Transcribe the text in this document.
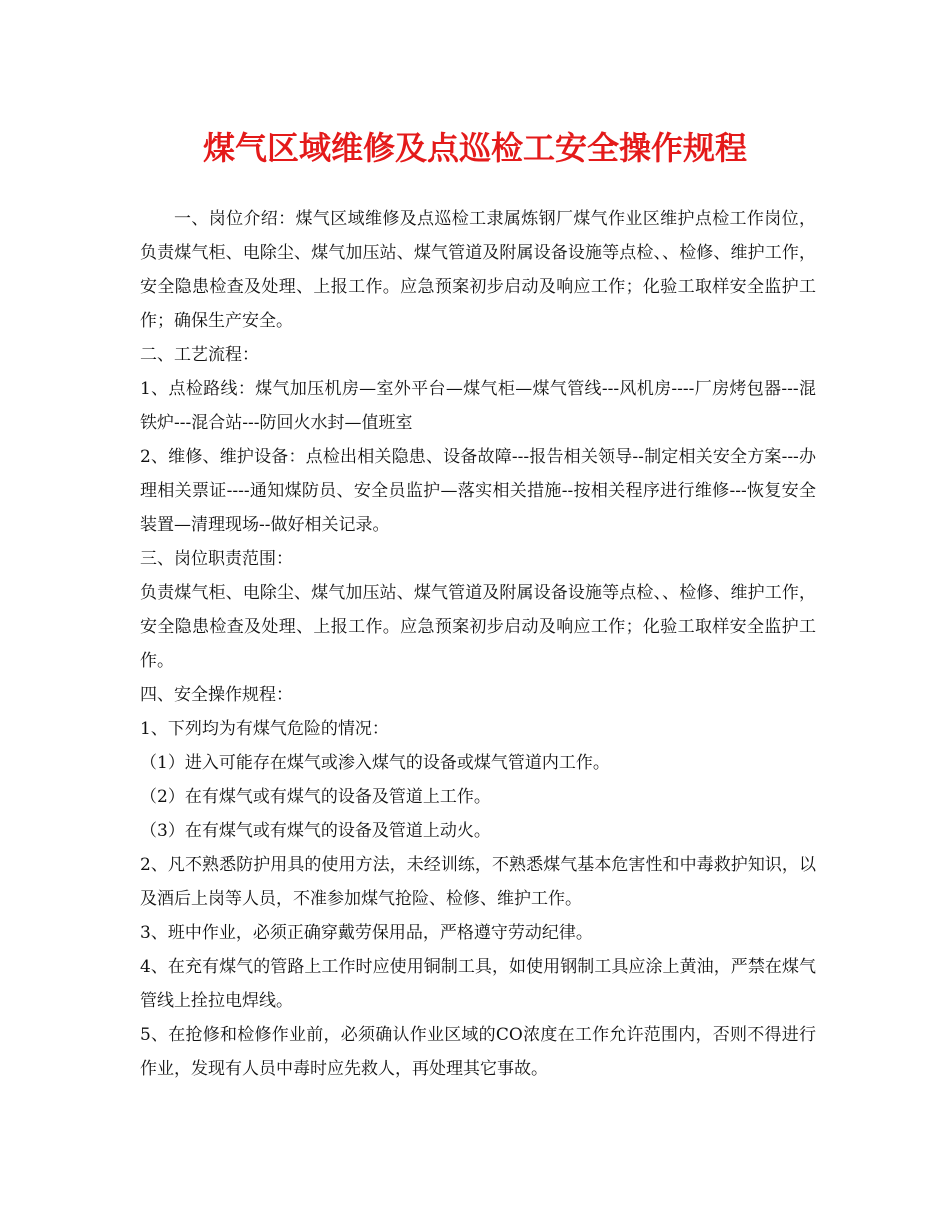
煤气区域维修及点巡检工安全操作规程

一、岗位介绍：煤气区域维修及点巡检工隶属炼钢厂煤气作业区维护点检工作岗位，负责煤气柜、电除尘、煤气加压站、煤气管道及附属设备设施等点检、、检修、维护工作，安全隐患检查及处理、上报工作。应急预案初步启动及响应工作；化验工取样安全监护工作；确保生产安全。

二、工艺流程：

1、点检路线：煤气加压机房—室外平台—煤气柜—煤气管线---风机房----厂房烤包器---混铁炉---混合站---防回火水封—值班室

2、维修、维护设备：点检出相关隐患、设备故障---报告相关领导--制定相关安全方案---办理相关票证----通知煤防员、安全员监护—落实相关措施--按相关程序进行维修---恢复安全装置—清理现场--做好相关记录。

三、岗位职责范围：

负责煤气柜、电除尘、煤气加压站、煤气管道及附属设备设施等点检、、检修、维护工作，安全隐患检查及处理、上报工作。应急预案初步启动及响应工作；化验工取样安全监护工作。

四、安全操作规程：

1、下列均为有煤气危险的情况：

（1）进入可能存在煤气或渗入煤气的设备或煤气管道内工作。

（2）在有煤气或有煤气的设备及管道上工作。

（3）在有煤气或有煤气的设备及管道上动火。

2、凡不熟悉防护用具的使用方法，未经训练，不熟悉煤气基本危害性和中毒救护知识，以及酒后上岗等人员，不准参加煤气抢险、检修、维护工作。

3、班中作业，必须正确穿戴劳保用品，严格遵守劳动纪律。

4、在充有煤气的管路上工作时应使用铜制工具，如使用钢制工具应涂上黄油，严禁在煤气管线上拴拉电焊线。

5、在抢修和检修作业前，必须确认作业区域的CO浓度在工作允许范围内，否则不得进行作业，发现有人员中毒时应先救人，再处理其它事故。
